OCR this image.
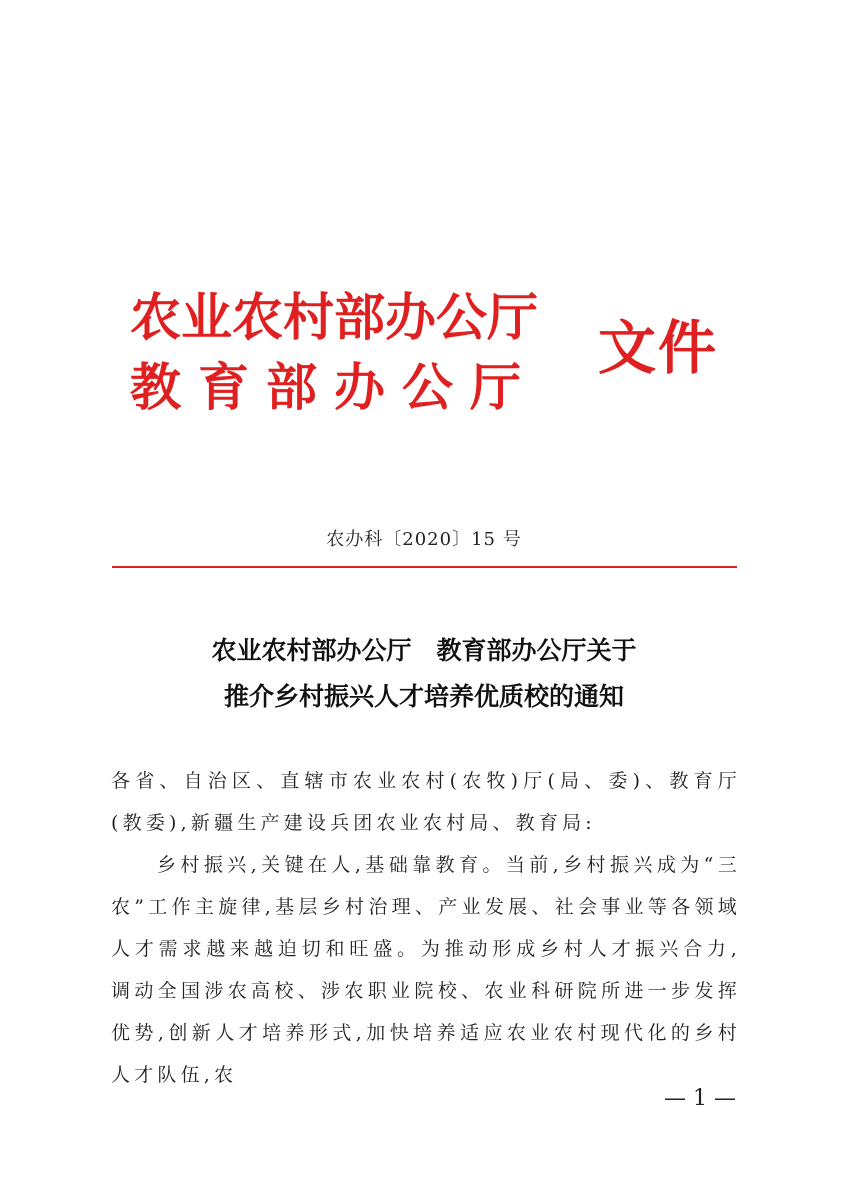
农业农村部办公厅
教育部办公厅
文件
农办科〔2020〕15 号
农业农村部办公厅　教育部办公厅关于
推介乡村振兴人才培养优质校的通知

各省、自治区、直辖市农业农村(农牧)厅(局、委)、教育厅(教委),新疆生产建设兵团农业农村局、教育局:

乡村振兴,关键在人,基础靠教育。当前,乡村振兴成为“三农”工作主旋律,基层乡村治理、产业发展、社会事业等各领域人才需求越来越迫切和旺盛。为推动形成乡村人才振兴合力,调动全国涉农高校、涉农职业院校、农业科研院所进一步发挥优势,创新人才培养形式,加快培养适应农业农村现代化的乡村人才队伍,农

— 1 —
